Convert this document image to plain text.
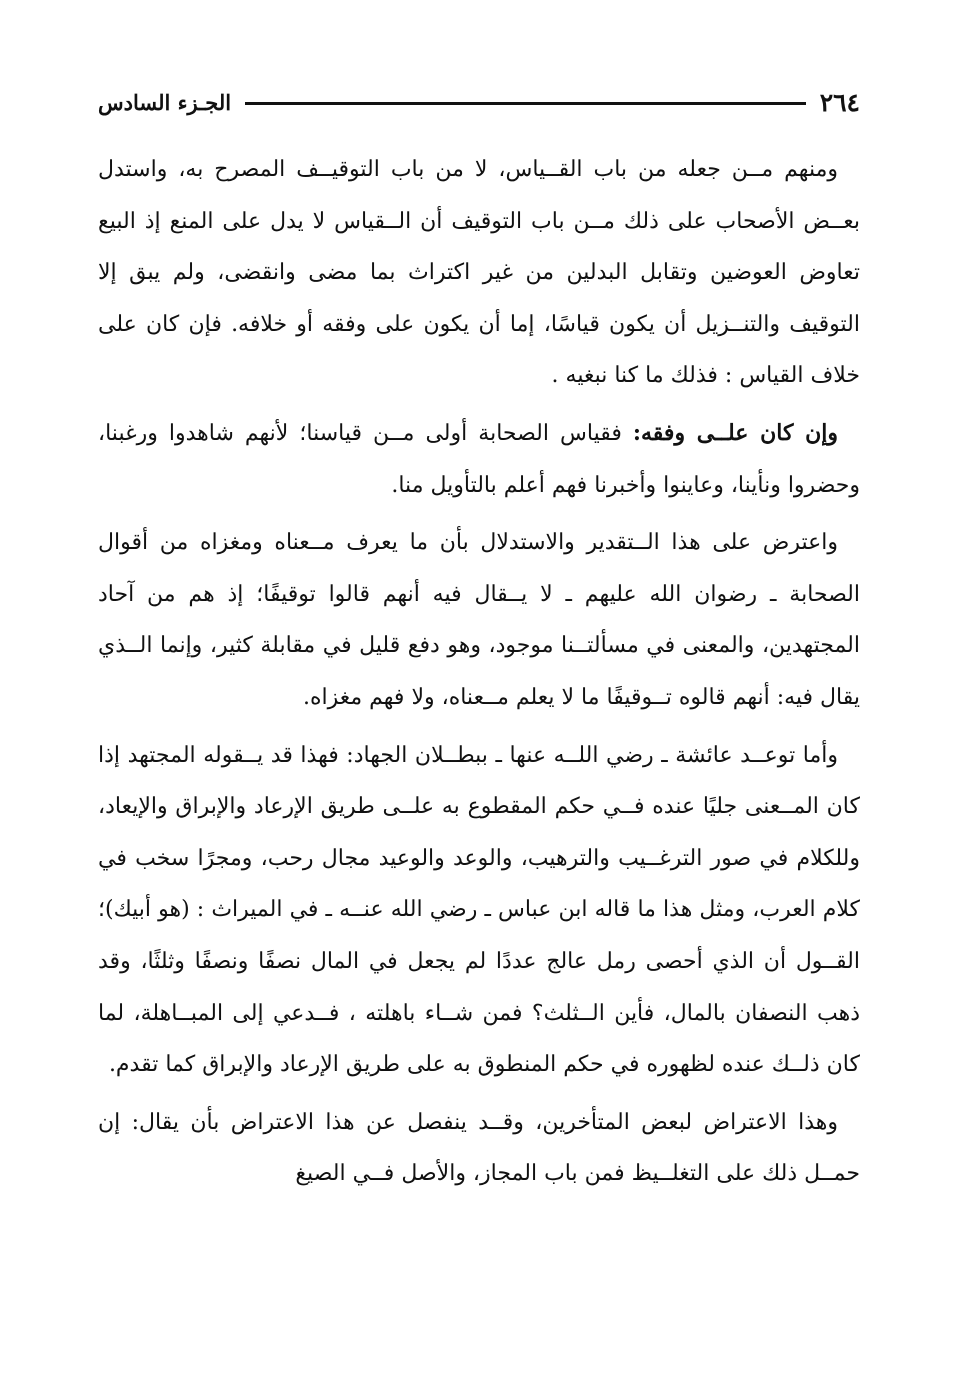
٢٦٤
الجـزء السادس

ومنهم مــن جعله من باب القــياس، لا من باب التوقيــف المصرح به، واستدل بعــض الأصحاب على ذلك مــن باب التوقيف أن الــقياس لا يدل على المنع إذ البيع تعاوض العوضين وتقابل البدلين من غير اكتراث بما مضى وانقضى، ولم يبق إلا التوقيف والتنــزيل أن يكون قياسًا، إما أن يكون على وفقه أو خلافه. فإن كان على خلاف القياس : فذلك ما كنا نبغيه .

وإن كان علــى وفقه: فقياس الصحابة أولى مــن قياسنا؛ لأنهم شاهدوا ورغبنا، وحضروا ونأينا، وعاينوا وأخبرنا فهم أعلم بالتأويل منا.

واعترض على هذا الــتقدير والاستدلال بأن ما يعرف مــعناه ومغزاه من أقوال الصحابة ـ رضوان الله عليهم ـ لا يــقال فيه أنهم قالوا توقيفًا؛ إذ هم من آحاد المجتهدين، والمعنى في مسألتــنا موجود، وهو دفع قليل في مقابلة كثير، وإنما الــذي يقال فيه: أنهم قالوه تــوقيفًا ما لا يعلم مــعناه، ولا فهم مغزاه.

وأما توعــد عائشة ـ رضي اللــه عنها ـ ببطــلان الجهاد: فهذا قد يــقوله المجتهد إذا كان المــعنى جليًا عنده فــي حكم المقطوع به علــى طريق الإرعاد والإبراق والإيعاد، وللكلام في صور الترغــيب والترهيب، والوعد والوعيد مجال رحب، ومجرًا سخب في كلام العرب، ومثل هذا ما قاله ابن عباس ـ رضي الله عنــه ـ في الميراث : (هو أبيك)؛ القــول أن الذي أحصى رمل عالج عددًا لم يجعل في المال نصفًا ونصفًا وثلثًا، وقد ذهب النصفان بالمال، فأين الــثلث؟ فمن شــاء باهلته ، فــدعي إلى المبــاهلة، لما كان ذلــك عنده لظهوره في حكم المنطوق به على طريق الإرعاد والإبراق كما تقدم.

وهذا الاعتراض لبعض المتأخرين، وقــد ينفصل عن هذا الاعتراض بأن يقال: إن حمــل ذلك على التغلــيظ فمن باب المجاز، والأصل فــي الصيغ
